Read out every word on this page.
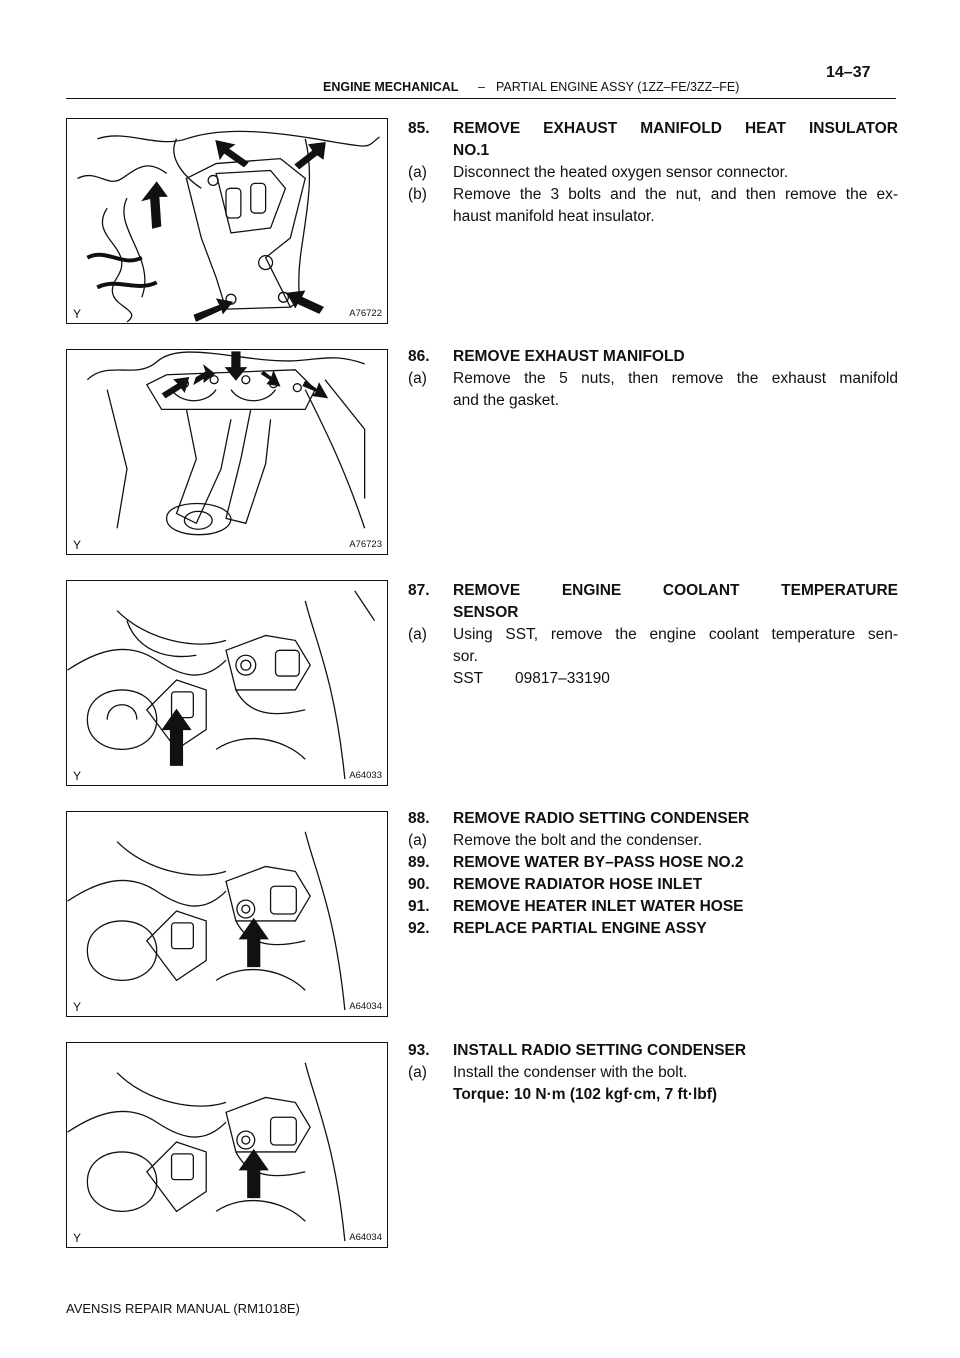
ENGINE MECHANICAL – PARTIAL ENGINE ASSY (1ZZ–FE/3ZZ–FE)
14–37
Y	A76722
Y	A76723
Y	A64033
Y	A64034
Y	A64034
85. REMOVE EXHAUST MANIFOLD HEAT INSULATOR
NO.1
(a) Disconnect the heated oxygen sensor connector.
(b) Remove the 3 bolts and the nut, and then remove the ex-
haust manifold heat insulator.
86. REMOVE EXHAUST MANIFOLD
(a) Remove the 5 nuts, then remove the exhaust manifold
and the gasket.
87. REMOVE ENGINE COOLANT TEMPERATURE
SENSOR
(a) Using SST, remove the engine coolant temperature sen-
sor.
SST 09817–33190
88. REMOVE RADIO SETTING CONDENSER
(a) Remove the bolt and the condenser.
89. REMOVE WATER BY–PASS HOSE NO.2
90. REMOVE RADIATOR HOSE INLET
91. REMOVE HEATER INLET WATER HOSE
92. REPLACE PARTIAL ENGINE ASSY
93. INSTALL RADIO SETTING CONDENSER
(a) Install the condenser with the bolt.
Torque: 10 N·m (102 kgf·cm, 7 ft·lbf)
AVENSIS REPAIR MANUAL (RM1018E)
